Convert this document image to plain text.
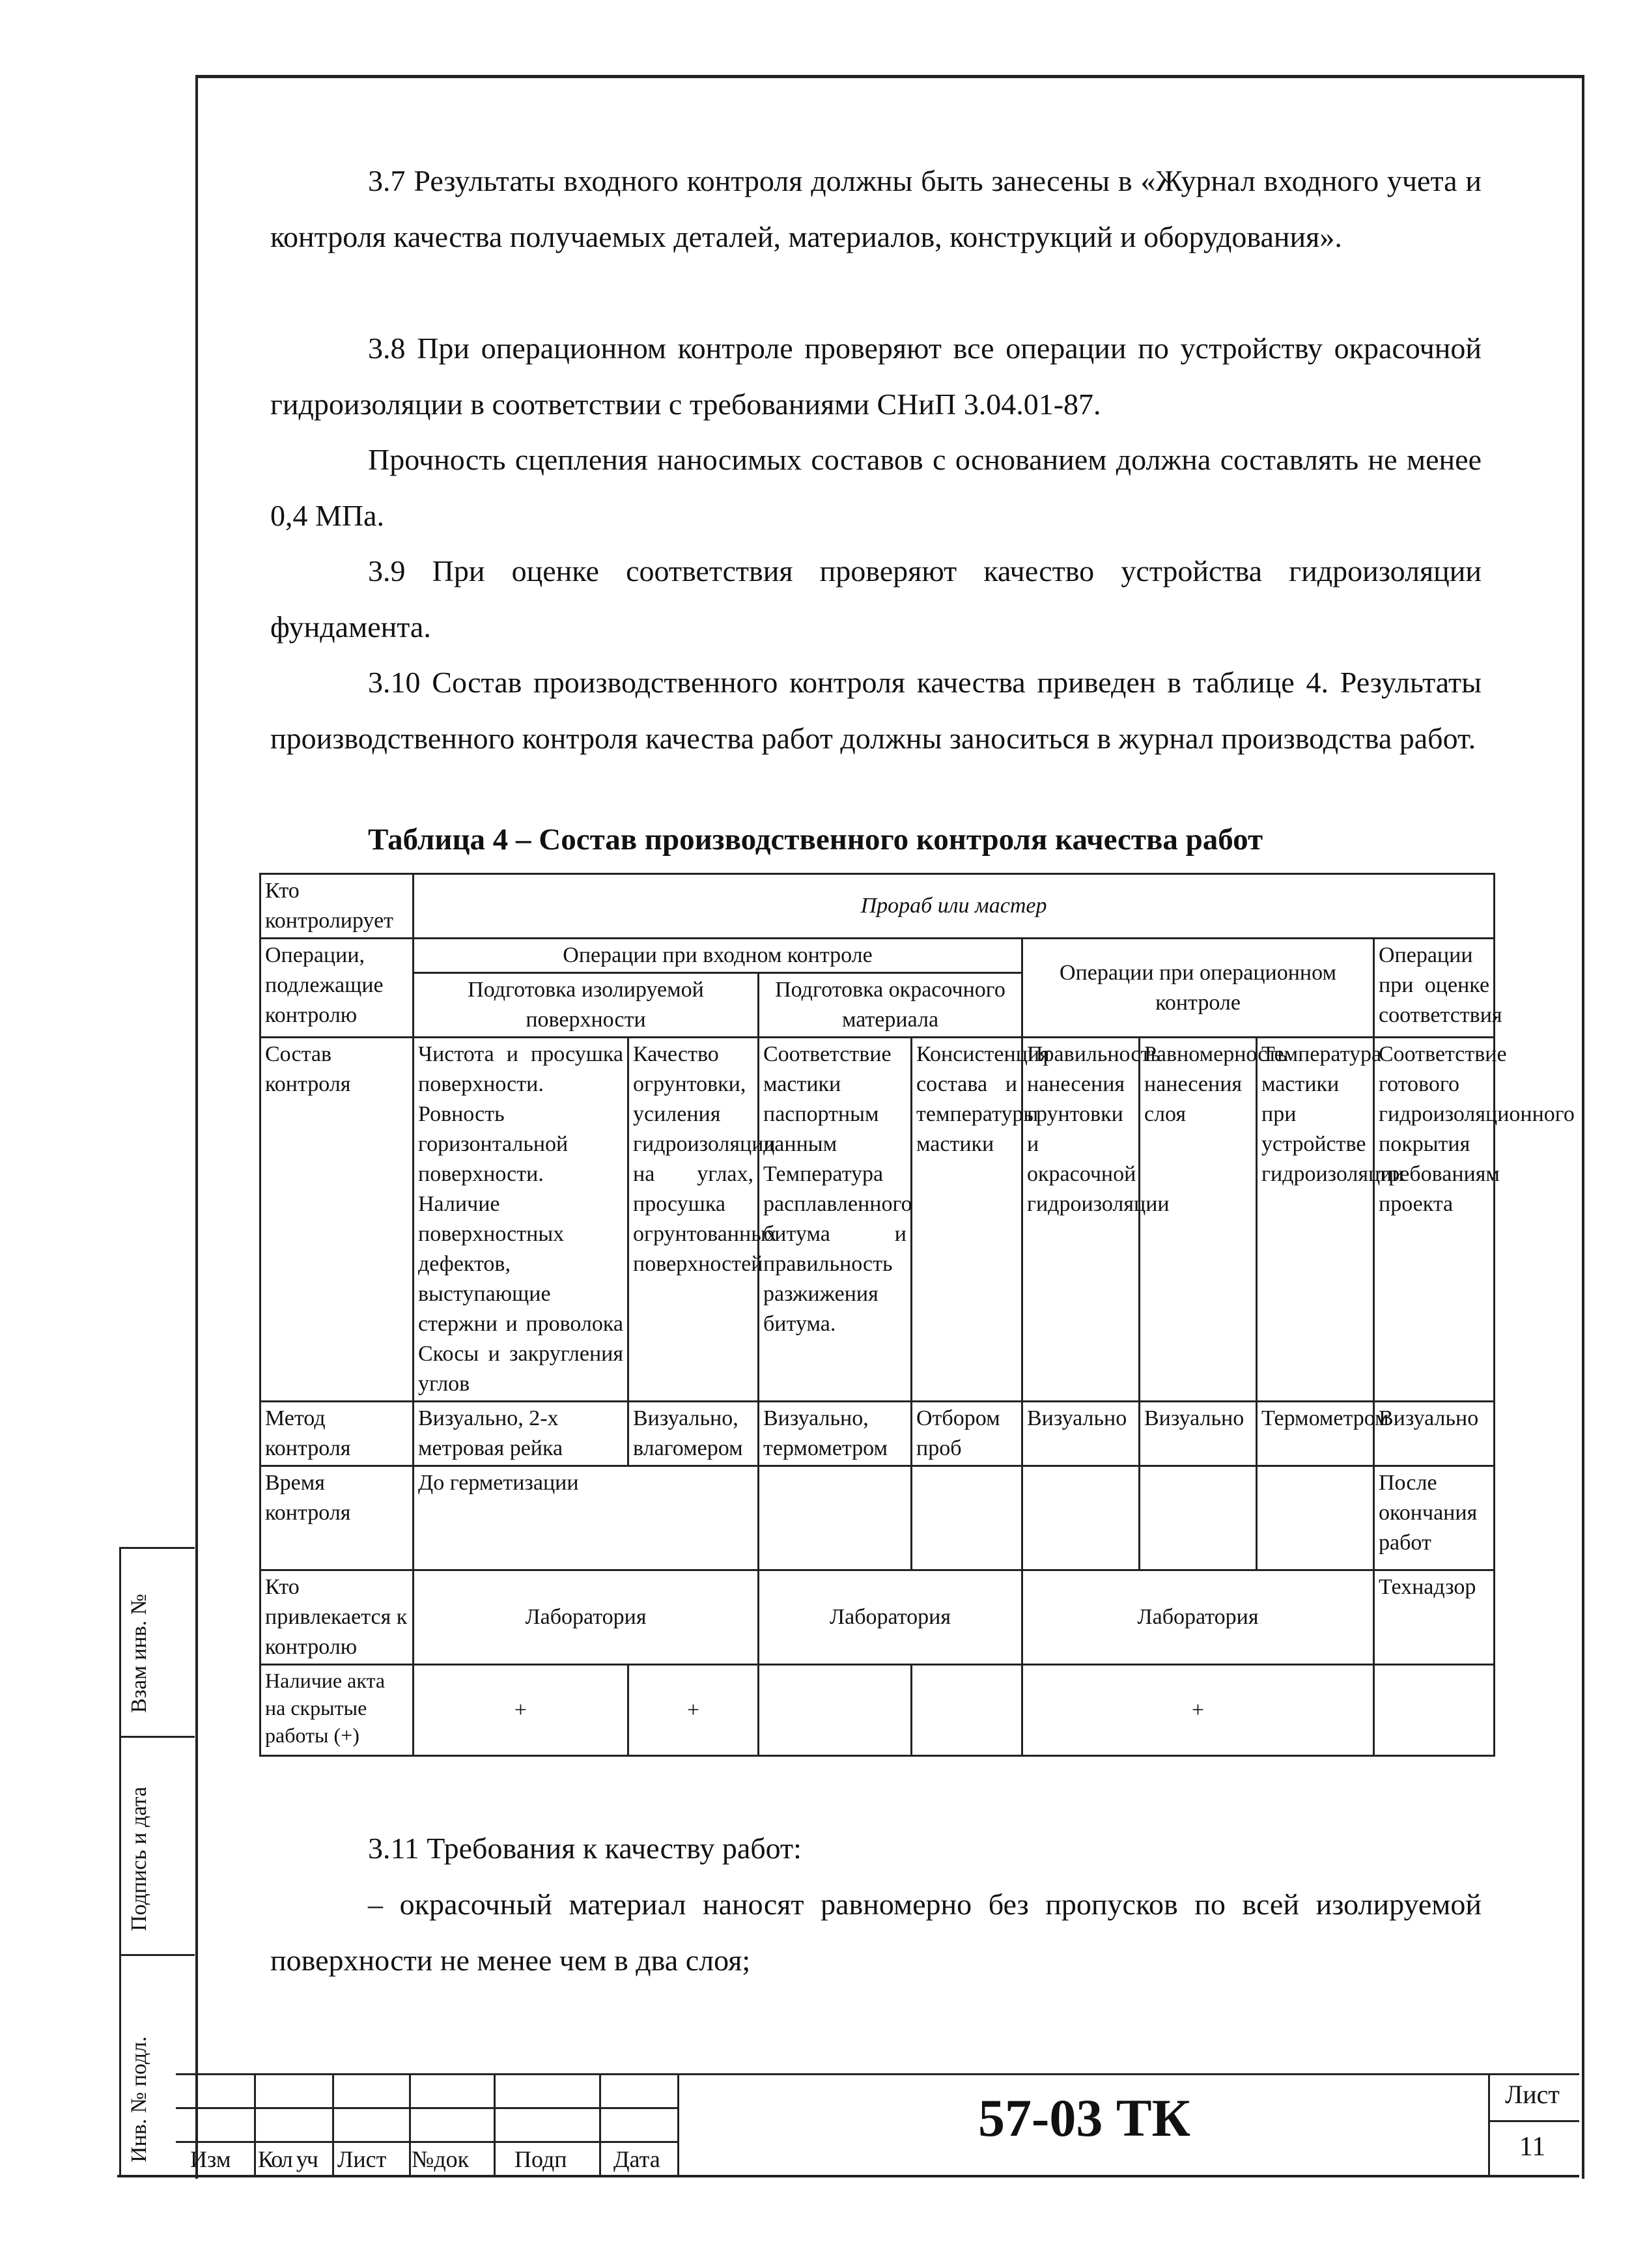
3.7 Результаты входного контроля должны быть занесены в «Журнал входного учета и контроля качества получаемых деталей, материалов, конструкций и оборудования».
3.8 При операционном контроле проверяют все операции по устройству окрасочной гидроизоляции в соответствии с требованиями СНиП 3.04.01-87.
Прочность сцепления наносимых составов с основанием должна составлять не менее 0,4 МПа.
3.9 При оценке соответствия проверяют качество устройства гидроизоляции фундамента.
3.10 Состав производственного контроля качества приведен в таблице 4. Результаты производственного контроля качества работ должны заноситься в журнал производства работ.
Таблица 4 – Состав производственного контроля качества работ
Кто контролирует	Прораб или мастер							
Операции, подлежащие контролю	Операции при входном контроле				Операции при операционном контроле			Операции при оценке соответствия
	Подготовка изолируемой поверхности		Подготовка окрасочного материала					
Состав контроля	Чистота и просушка поверхности. Ровность горизонтальной поверхности. Наличие поверхностных дефектов, выступающие стержни и проволока Скосы и закругления углов	Качество огрунтовки, усиления гидроизоляции на углах, просушка огрунтованных поверхностей	Соответствие мастики паспортным данным Температура расплавленного битума и правильность разжижения битума.	Консистенция состава и температуры мастики	Правильность нанесения грунтовки и окрасочной гидроизоляции	Равномерность нанесения слоя	Температура мастики при устройстве гидроизоляции	Соответствие готового гидроизоляционного покрытия требованиям проекта
Метод контроля	Визуально, 2-х метровая рейка	Визуально, влагомером	Визуально, термометром	Отбором проб	Визуально	Визуально	Термометром	Визуально
Время контроля	До герметизации							После окончания работ
Кто привлекается к контролю	Лаборатория		Лаборатория		Лаборатория			Технадзор
Наличие акта на скрытые работы (+)	+	+			+			
3.11 Требования к качеству работ:
– окрасочный материал наносят равномерно без пропусков по всей изолируемой поверхности не менее чем в два слоя;
Взам инв. №
Подпись и дата
Инв. № подл. Изм Кол уч Лист №док Подп Дата
57-03 ТК	Лист
11
